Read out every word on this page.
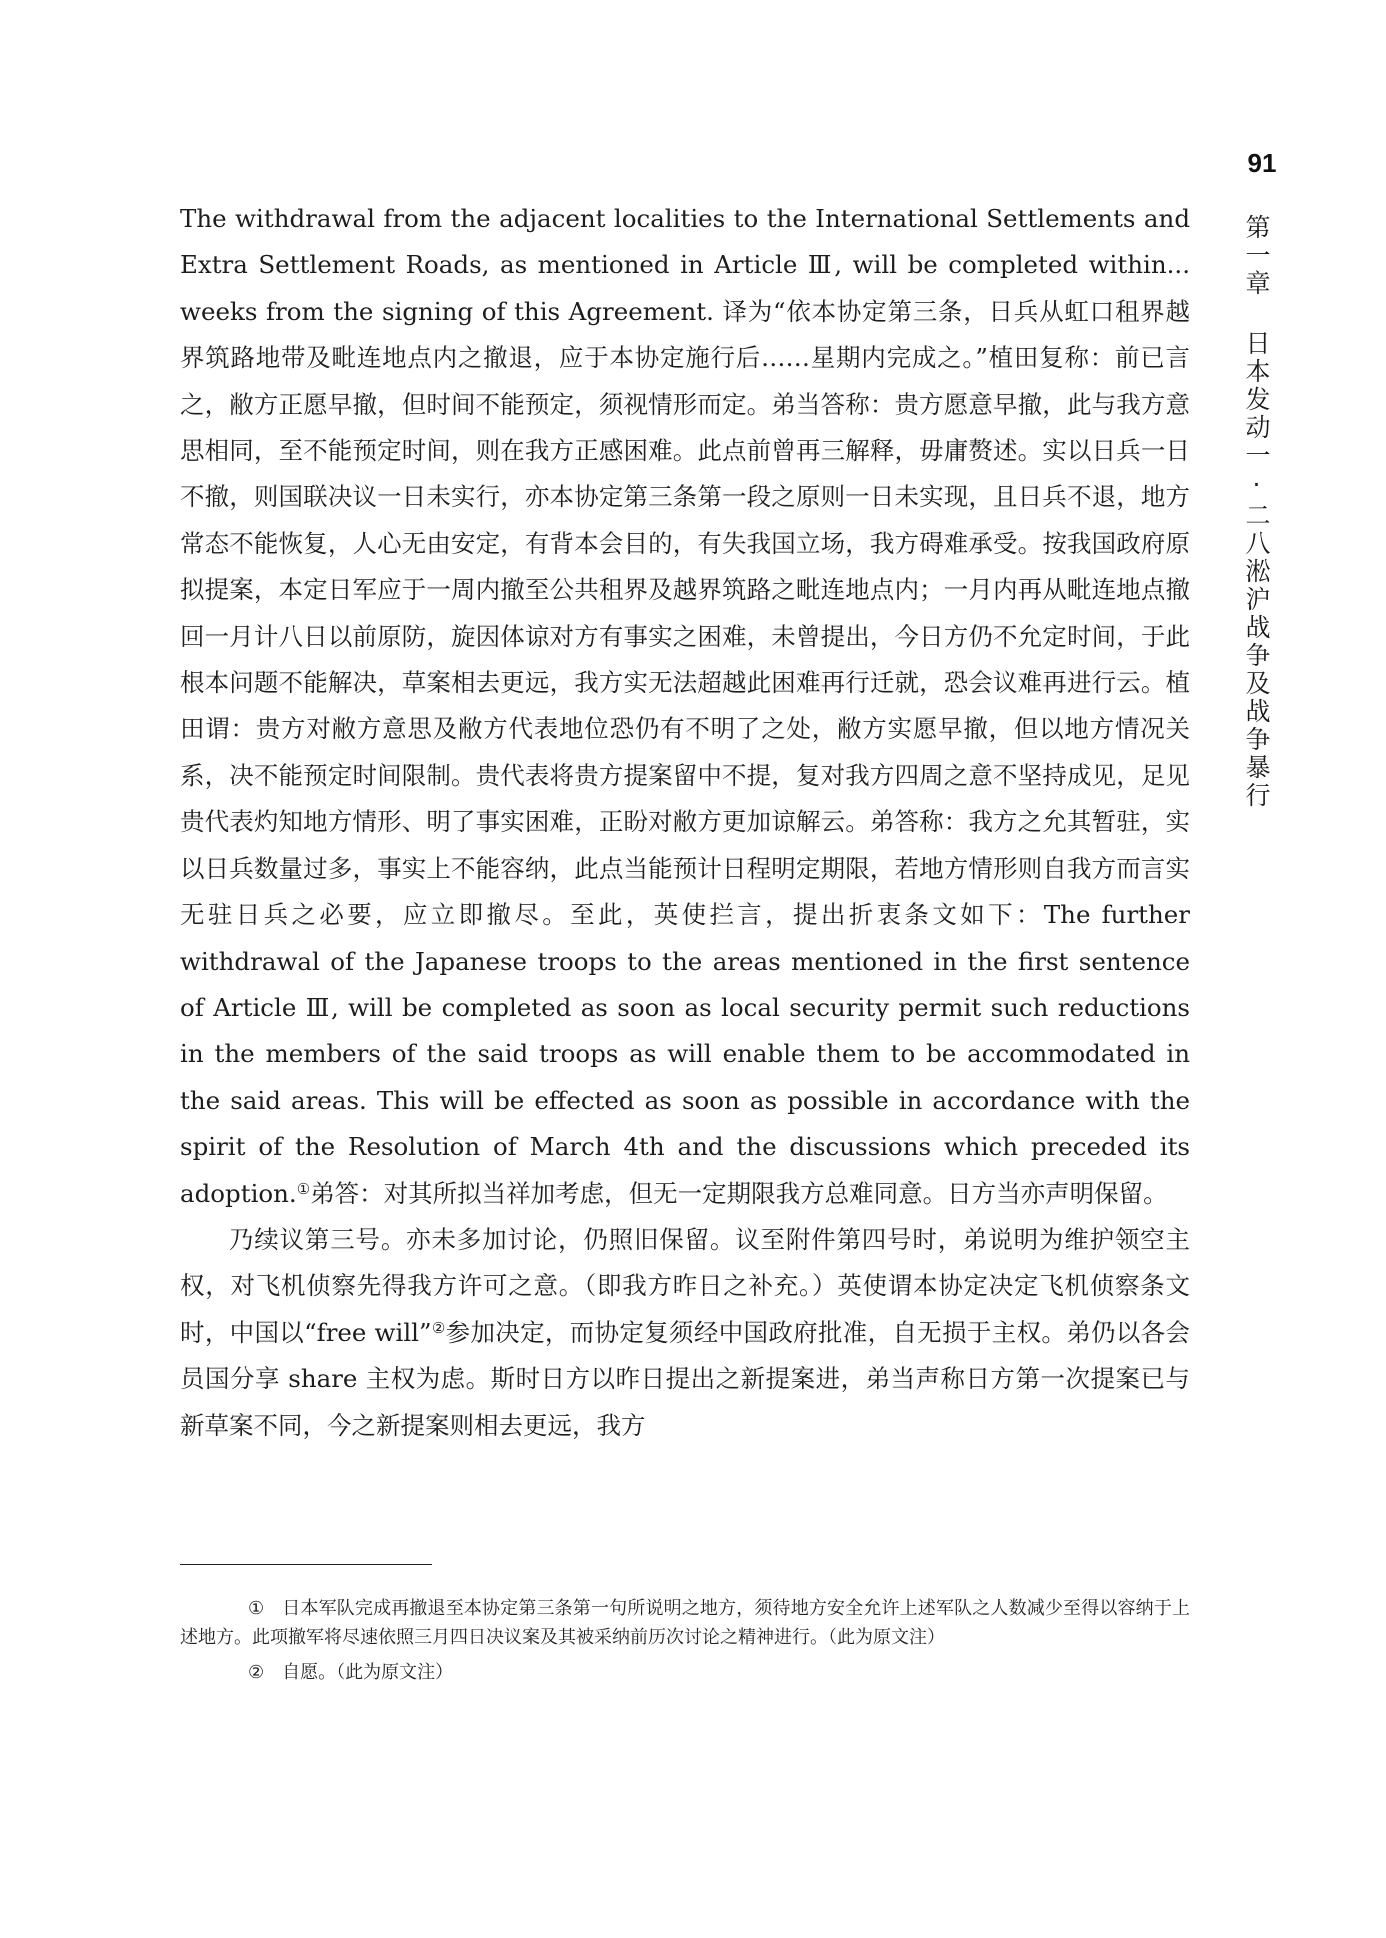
91
第一章 日本发动一·二八淞沪战争及战争暴行

The withdrawal from the adjacent localities to the International Settlements and Extra Settlement Roads, as mentioned in Article Ⅲ, will be completed within... weeks from the signing of this Agreement. 译为“依本协定第三条，日兵从虹口租界越界筑路地带及毗连地点内之撤退，应于本协定施行后……星期内完成之。”植田复称：前已言之，敝方正愿早撤，但时间不能预定，须视情形而定。弟当答称：贵方愿意早撤，此与我方意思相同，至不能预定时间，则在我方正感困难。此点前曾再三解释，毋庸赘述。实以日兵一日不撤，则国联决议一日未实行，亦本协定第三条第一段之原则一日未实现，且日兵不退，地方常态不能恢复，人心无由安定，有背本会目的，有失我国立场，我方碍难承受。按我国政府原拟提案，本定日军应于一周内撤至公共租界及越界筑路之毗连地点内；一月内再从毗连地点撤回一月计八日以前原防，旋因体谅对方有事实之困难，未曾提出，今日方仍不允定时间，于此根本问题不能解决，草案相去更远，我方实无法超越此困难再行迁就，恐会议难再进行云。植田谓：贵方对敝方意思及敝方代表地位恐仍有不明了之处，敝方实愿早撤，但以地方情况关系，决不能预定时间限制。贵代表将贵方提案留中不提，复对我方四周之意不坚持成见，足见贵代表灼知地方情形、明了事实困难，正盼对敝方更加谅解云。弟答称：我方之允其暂驻，实以日兵数量过多，事实上不能容纳，此点当能预计日程明定期限，若地方情形则自我方而言实无驻日兵之必要，应立即撤尽。至此，英使拦言，提出折衷条文如下：The further withdrawal of the Japanese troops to the areas mentioned in the first sentence of Article Ⅲ, will be completed as soon as local security permit such reductions in the members of the said troops as will enable them to be accommodated in the said areas. This will be effected as soon as possible in accordance with the spirit of the Resolution of March 4th and the discussions which preceded its adoption.①弟答：对其所拟当祥加考虑，但无一定期限我方总难同意。日方当亦声明保留。

乃续议第三号。亦未多加讨论，仍照旧保留。议至附件第四号时，弟说明为维护领空主权，对飞机侦察先得我方许可之意。（即我方昨日之补充。）英使谓本协定决定飞机侦察条文时，中国以“free will”②参加决定，而协定复须经中国政府批准，自无损于主权。弟仍以各会员国分享 share 主权为虑。斯时日方以昨日提出之新提案进，弟当声称日方第一次提案已与新草案不同，今之新提案则相去更远，我方

① 日本军队完成再撤退至本协定第三条第一句所说明之地方，须待地方安全允许上述军队之人数减少至得以容纳于上述地方。此项撤军将尽速依照三月四日决议案及其被采纳前历次讨论之精神进行。（此为原文注）

② 自愿。（此为原文注）
